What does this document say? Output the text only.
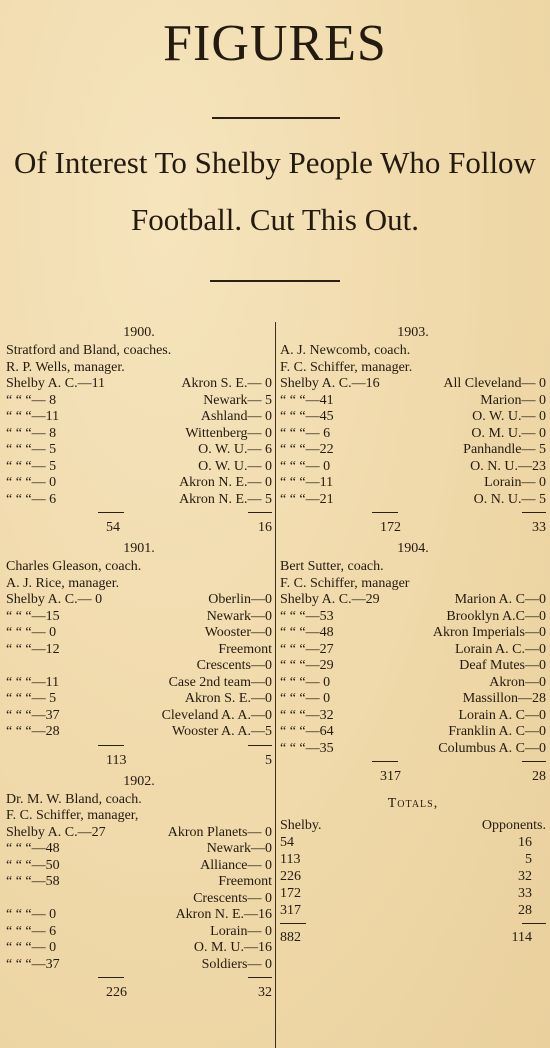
FIGURES
Of Interest To Shelby People Who Follow
Football. Cut This Out.
1900.
Stratford and Bland, coaches.
R. P. Wells, manager.
Shelby A. C.—11	Akron S. E.— 0
“ “ “— 8	Newark— 5
“ “ “—11	Ashland— 0
“ “ “— 8	Wittenberg— 0
“ “ “— 5	O. W. U.— 6
“ “ “— 5	O. W. U.— 0
“ “ “— 0	Akron N. E.— 0
“ “ “— 6	Akron N. E.— 5
54	16
1901.
Charles Gleason, coach.
A. J. Rice, manager.
Shelby A. C.— 0	Oberlin—0
“ “ “—15	Newark—0
“ “ “— 0	Wooster—0
“ “ “—12	Freemont
Crescents—0
“ “ “—11	Case 2nd team—0
“ “ “— 5	Akron S. E.—0
“ “ “—37	Cleveland A. A.—0
“ “ “—28	Wooster A. A.—5
113	5
1902.
Dr. M. W. Bland, coach.
F. C. Schiffer, manager,
Shelby A. C.—27	Akron Planets— 0
“ “ “—48	Newark—0
“ “ “—50	Alliance— 0
“ “ “—58	Freemont
Crescents— 0
“ “ “— 0	Akron N. E.—16
“ “ “— 6	Lorain— 0
“ “ “— 0	O. M. U.—16
“ “ “—37	Soldiers— 0
226	32
1903.
A. J. Newcomb, coach.
F. C. Schiffer, manager.
Shelby A. C.—16	All Cleveland— 0
“ “ “—41	Marion— 0
“ “ “—45	O. W. U.— 0
“ “ “— 6	O. M. U.— 0
“ “ “—22	Panhandle— 5
“ “ “— 0	O. N. U.—23
“ “ “—11	Lorain— 0
“ “ “—21	O. N. U.— 5
172	33
1904.
Bert Sutter, coach.
F. C. Schiffer, manager
Shelby A. C.—29	Marion A. C—0
“ “ “—53	Brooklyn A.C—0
“ “ “—48	Akron Imperials—0
“ “ “—27	Lorain A. C.—0
“ “ “—29	Deaf Mutes—0
“ “ “— 0	Akron—0
“ “ “— 0	Massillon—28
“ “ “—32	Lorain A. C—0
“ “ “—64	Franklin A. C—0
“ “ “—35	Columbus A. C—0
317	28
Totals,
Shelby.	Opponents.
54	16
113	5
226	32
172	33
317	28
882	114
